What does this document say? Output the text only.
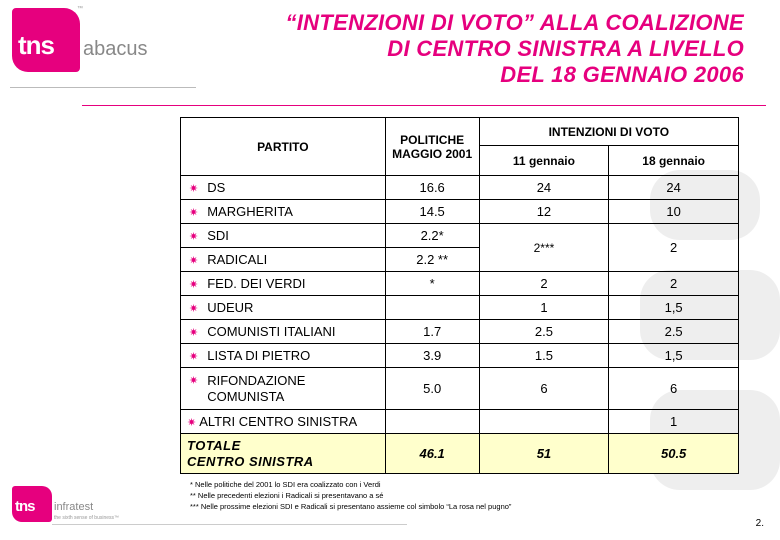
tns
™
abacus
“INTENZIONI DI VOTO” ALLA COALIZIONE
DI CENTRO SINISTRA A LIVELLO
DEL 18 GENNAIO 2006
PARTITO	POLITICHE MAGGIO 2001	INTENZIONI DI VOTO	
		11 gennaio	18 gennaio
✷ DS	16.6	24	24
✷ MARGHERITA	14.5	12	10
✷ SDI	2.2*	2***	2
✷ RADICALI	2.2 **		
✷ FED. DEI VERDI	*	2	2
✷ UDEUR		1	1,5
✷ COMUNISTI ITALIANI	1.7	2.5	2.5
✷ LISTA DI PIETRO	3.9	1.5	1,5

✷ RIFONDAZIONE
COMUNISTA	5.0	6	6
✷ ALTRI CENTRO SINISTRA			1

TOTALE
CENTRO SINISTRA	46.1	51	50.5
* Nelle politiche del 2001 lo SDI era coalizzato con i Verdi
** Nelle precedenti elezioni i Radicali si presentavano a sé
*** Nelle prossime elezioni SDI e Radicali si presentano assieme col simbolo “La rosa nel pugno”
tns infratest
the sixth sense of business™	2.
